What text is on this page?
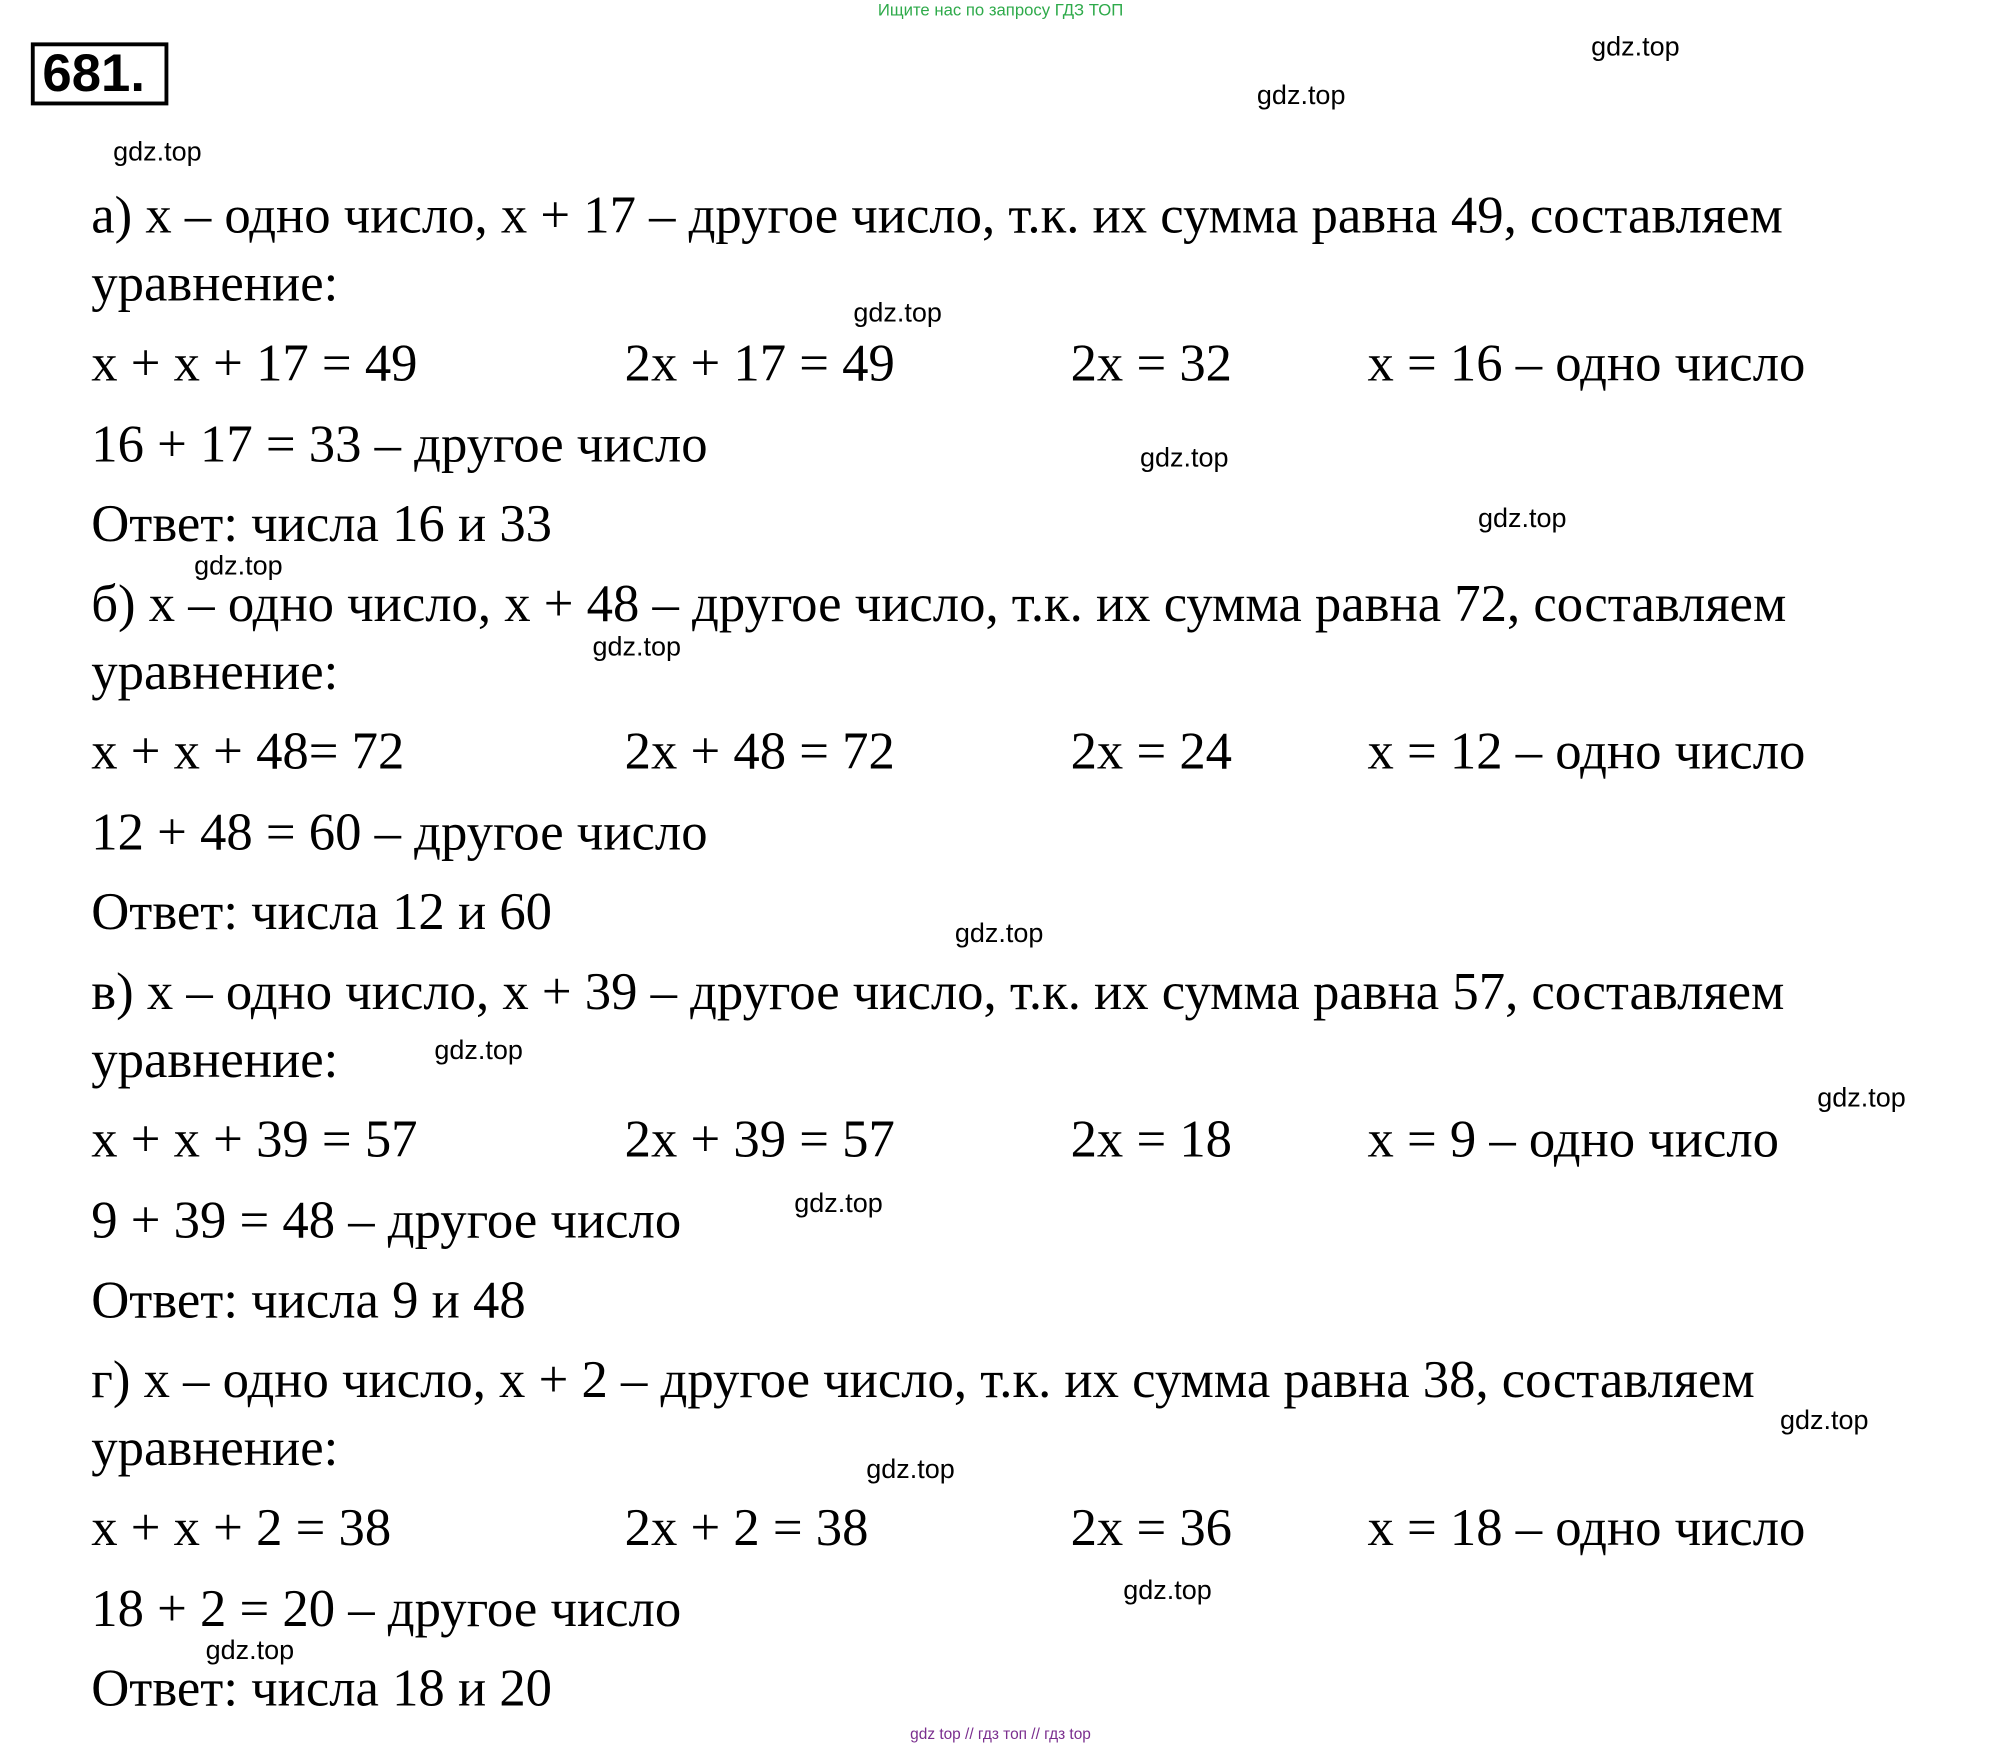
Ищите нас по запросу ГДЗ ТОП
681.
а) x – одно число, x + 17 – другое число, т.к. их сумма равна 49, составляем
уравнение:
x + x + 17 = 49	2x + 17 = 49	2x = 32	x = 16 – одно число
16 + 17 = 33 – другое число
Ответ: числа 16 и 33
б) x – одно число, x + 48 – другое число, т.к. их сумма равна 72, составляем
уравнение:
x + x + 48= 72	2x + 48 = 72	2x = 24	x = 12 – одно число
12 + 48 = 60 – другое число
Ответ: числа 12 и 60
в) x – одно число, x + 39 – другое число, т.к. их сумма равна 57, составляем
уравнение:
x + x + 39 = 57	2x + 39 = 57	2x = 18	x = 9 – одно число
9 + 39 = 48 – другое число
Ответ: числа 9 и 48
г) x – одно число, x + 2 – другое число, т.к. их сумма равна 38, составляем
уравнение:
x + x + 2 = 38	2x + 2 = 38	2x = 36	x = 18 – одно число
18 + 2 = 20 – другое число
Ответ: числа 18 и 20
gdz.top
gdz.top
gdz.top
gdz.top
gdz.top
gdz.top
gdz.top
gdz.top
gdz.top
gdz.top
gdz.top
gdz.top
gdz.top
gdz.top
gdz.top
gdz.top
gdz top // гдз топ // гдз top
